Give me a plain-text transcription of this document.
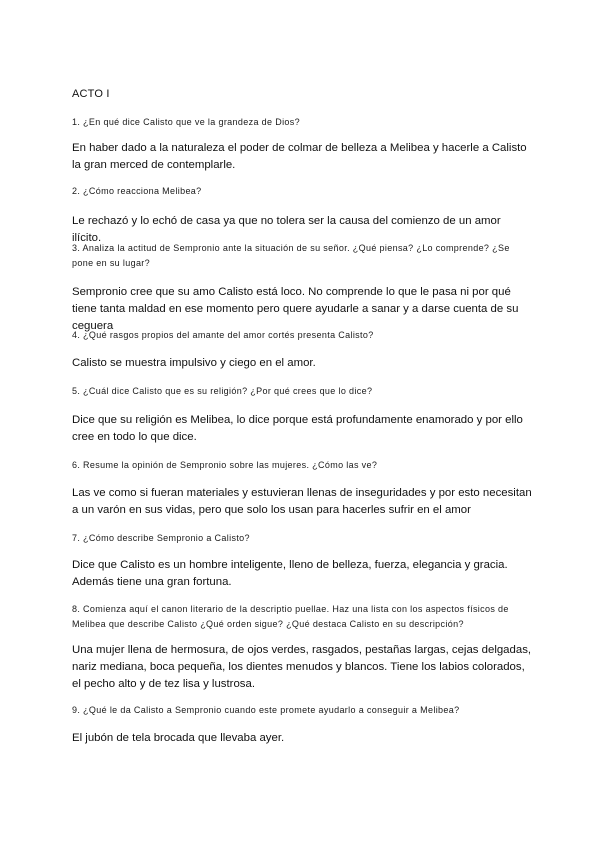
ACTO I
1. ¿En qué dice Calisto que ve la grandeza de Dios?
En haber dado a la naturaleza el poder de colmar de belleza a Melibea y hacerle a Calisto la gran merced de contemplarle.
2. ¿Cómo reacciona Melibea?
Le rechazó y lo echó de casa ya que no tolera ser la causa del comienzo de un amor ilícito.
3. Analiza la actitud de Sempronio ante la situación de su señor. ¿Qué piensa? ¿Lo comprende? ¿Se pone en su lugar?
Sempronio cree que su amo Calisto está loco. No comprende lo que le pasa ni por qué tiene tanta maldad en ese momento pero quere ayudarle a sanar y a darse cuenta de su ceguera
4. ¿Qué rasgos propios del amante del amor cortés presenta Calisto?
Calisto se muestra impulsivo y ciego en el amor.
5. ¿Cuál dice Calisto que es su religión? ¿Por qué crees que lo dice?
Dice que su religión es Melibea, lo dice porque está profundamente enamorado y por ello cree en todo lo que dice.
6. Resume la opinión de Sempronio sobre las mujeres. ¿Cómo las ve?
Las ve como si fueran materiales y estuvieran llenas de inseguridades y por esto necesitan a un varón en sus vidas, pero que solo los usan para hacerles sufrir en el amor
7. ¿Cómo describe Sempronio a Calisto?
Dice que Calisto es un hombre inteligente, lleno de belleza, fuerza, elegancia y gracia. Además tiene una gran fortuna.
8. Comienza aquí el canon literario de la descriptio puellae. Haz una lista con los aspectos físicos de Melibea que describe Calisto ¿Qué orden sigue? ¿Qué destaca Calisto en su descripción?
Una mujer llena de hermosura, de ojos verdes, rasgados, pestañas largas, cejas delgadas, nariz mediana, boca pequeña, los dientes menudos y blancos. Tiene los labios colorados, el pecho alto y de tez lisa y lustrosa.
9. ¿Qué le da Calisto a Sempronio cuando este promete ayudarlo a conseguir a Melibea?
El jubón de tela brocada que llevaba ayer.
